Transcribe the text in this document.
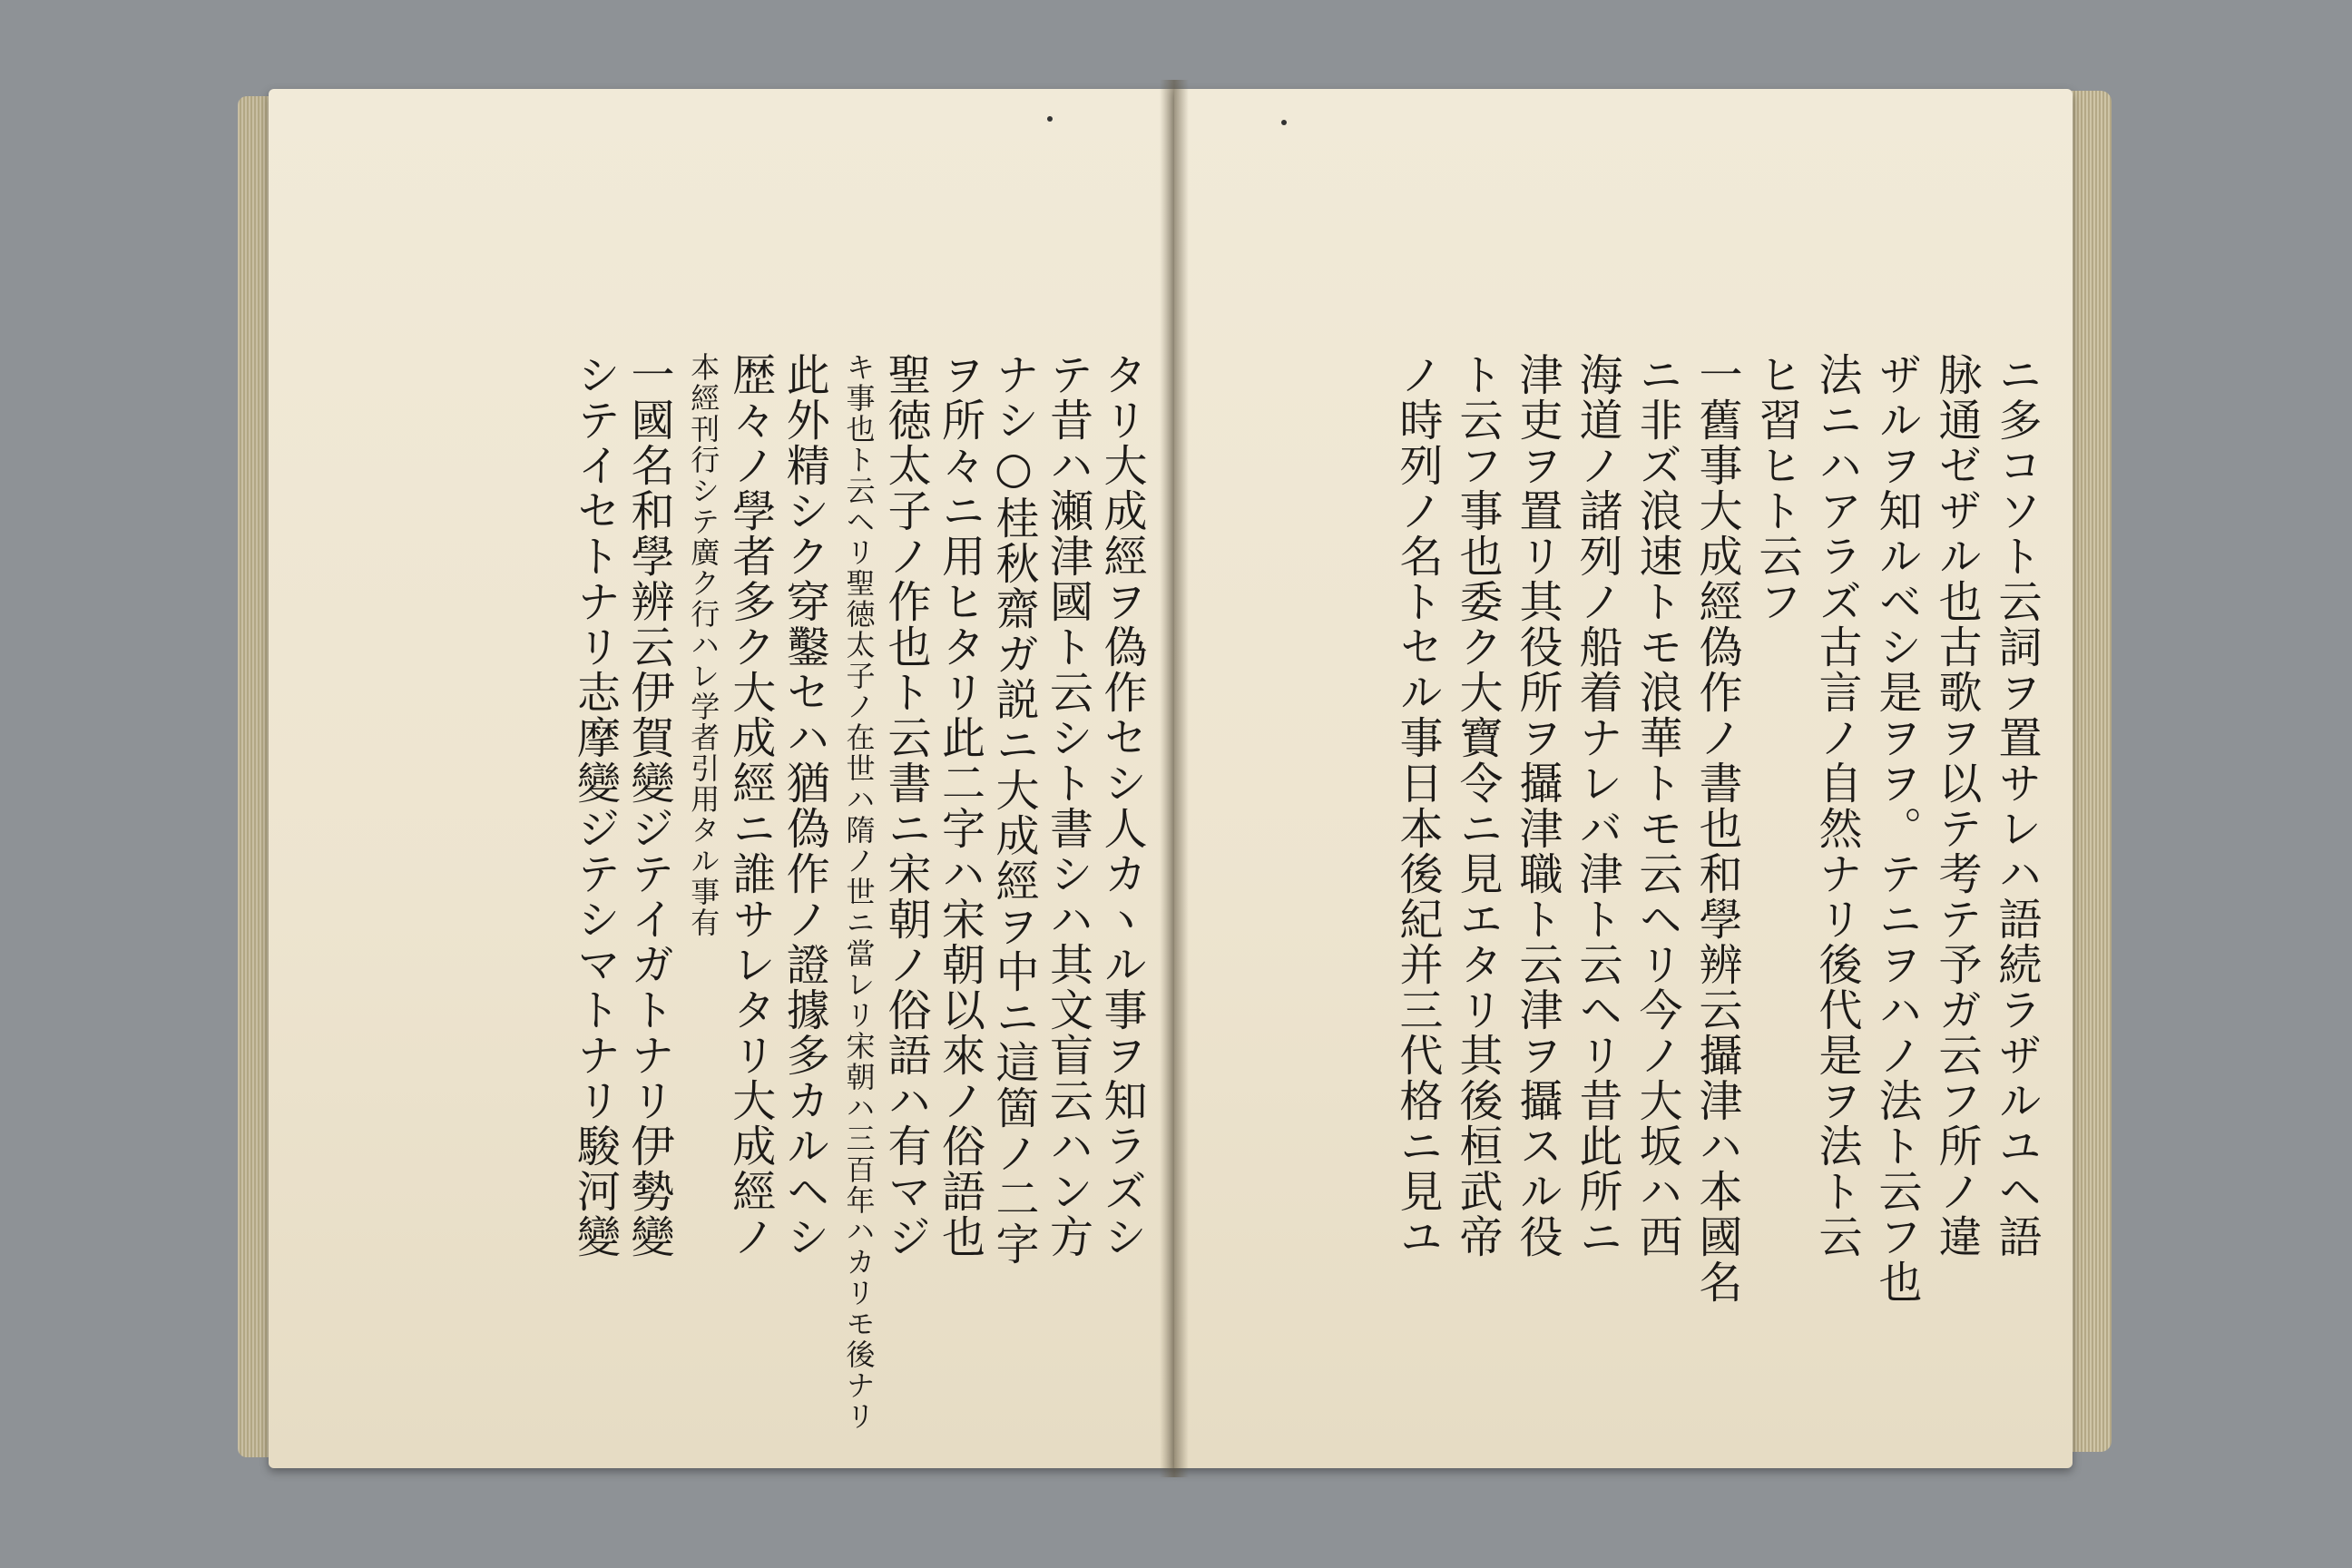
タリ大成經ヲ偽作セシ人カヽル事ヲ知ラズシ
テ昔ハ瀬津國ト云シト書シハ其文盲云ハン方
ナシ○桂秋齋ガ説ニ大成經ヲ中ニ這箇ノ二字
ヲ所々ニ用ヒタリ此二字ハ宋朝以來ノ俗語也
聖徳太子ノ作也ト云書ニ宋朝ノ俗語ハ有マジ
キ事也ト云ヘリ聖徳太子ノ在世ハ隋ノ世ニ當レリ宋朝ハ三百年ハカリモ後ナリ
此外精シク穿鑿セハ猶偽作ノ證據多カルヘシ
歴々ノ學者多ク大成經ニ誰サレタリ大成經ノ
本經刊行シテ廣ク行ハレ学者引用タル事有
一國名和學辨云伊賀變ジテイガトナリ伊勢變
シテイセトナリ志摩變ジテシマトナリ駿河變	ニ多コソト云詞ヲ置サレハ語続ラザルユヘ語
脉通ゼザル也古歌ヲ以テ考テ予ガ云フ所ノ違
ザルヲ知ルベシ是ヲヲ。テニヲハノ法ト云フ也
法ニハアラズ古言ノ自然ナリ後代是ヲ法ト云
ヒ習ヒト云フ
一舊事大成經偽作ノ書也和學辨云攝津ハ本國名
ニ非ズ浪速トモ浪華トモ云ヘリ今ノ大坂ハ西
海道ノ諸列ノ船着ナレバ津ト云ヘリ昔此所ニ
津吏ヲ置リ其役所ヲ攝津職ト云津ヲ攝スル役
ト云フ事也委ク大寶令ニ見エタリ其後桓武帝
ノ時列ノ名トセル事日本後紀并三代格ニ見ユ
